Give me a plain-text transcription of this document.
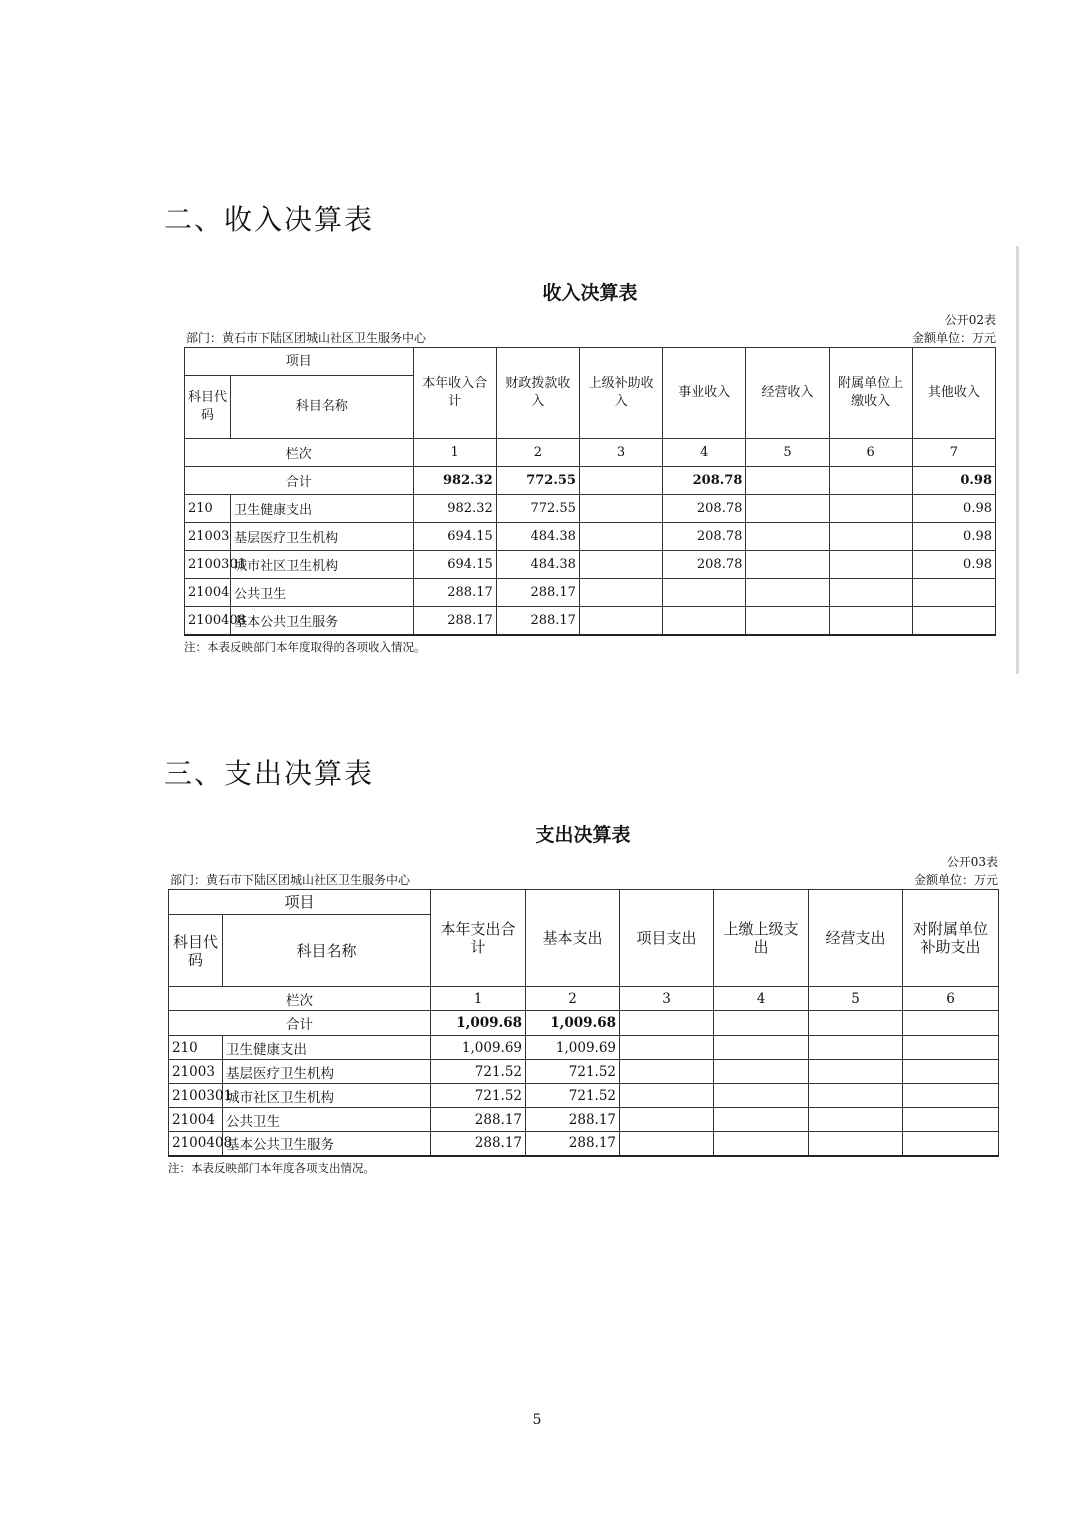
二、收入决算表
收入决算表
公开02表
部门：黄石市下陆区团城山社区卫生服务中心	金额单位：万元
项目		本年收入合计	财政拨款收入	上级补助收入	事业收入	经营收入	附属单位上缴收入	其他收入
科目代码	科目名称							
栏次		1	2	3	4	5	6	7
合计		982.32	772.55		208.78			0.98
210	卫生健康支出	982.32	772.55		208.78			0.98
21003	基层医疗卫生机构	694.15	484.38		208.78			0.98
2100301	城市社区卫生机构	694.15	484.38		208.78			0.98
21004	公共卫生	288.17	288.17					
2100408	基本公共卫生服务	288.17	288.17					
注：本表反映部门本年度取得的各项收入情况。
三、支出决算表
支出决算表
公开03表
部门：黄石市下陆区团城山社区卫生服务中心	金额单位：万元
项目		本年支出合计	基本支出	项目支出	上缴上级支出	经营支出	对附属单位补助支出
科目代码	科目名称						
栏次		1	2	3	4	5	6
合计		1,009.68	1,009.68				
210	卫生健康支出	1,009.69	1,009.69				
21003	基层医疗卫生机构	721.52	721.52				
2100301	城市社区卫生机构	721.52	721.52				
21004	公共卫生	288.17	288.17				
2100408	基本公共卫生服务	288.17	288.17				
注：本表反映部门本年度各项支出情况。
5
